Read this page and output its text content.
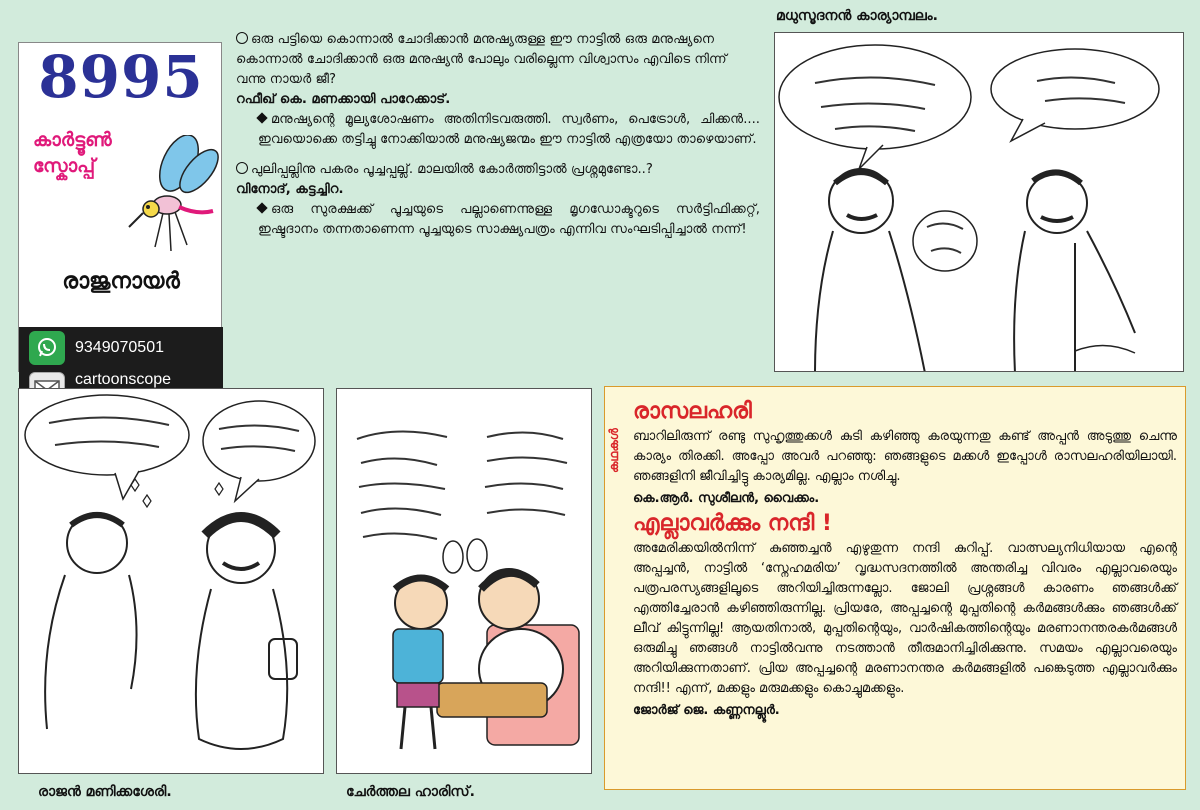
8995
കാർട്ടൂൺ
സ്കോപ്പ്
രാജുനായർ
9349070501
cartoonscope

ഒരു പട്ടിയെ കൊന്നാൽ ചോദിക്കാൻ മനുഷ്യരുള്ള ഈ നാട്ടിൽ ഒരു മനുഷ്യനെ കൊന്നാൽ ചോദിക്കാൻ ഒരു മനുഷ്യൻ പോലും വരില്ലെന്ന വിശ്വാസം എവിടെ നിന്ന് വന്നു നായർ ജീ?

റഫീഖ് കെ. മണക്കായി പാറേക്കാട്.

മനുഷ്യന്റെ മൂല്യശോഷണം അതിനിടവരുത്തി. സ്വർണം, പെട്രോൾ, ചിക്കൻ.... ഇവയൊക്കെ തട്ടിച്ചു നോക്കിയാൽ മനുഷ്യജന്മം ഈ നാട്ടിൽ എത്രയോ താഴെയാണ്.

പുലിപ്പല്ലിനു പകരം പൂച്ചപ്പല്ല്. മാലയിൽ കോർത്തിട്ടാൽ പ്രശ്നമുണ്ടോ..?

വിനോദ്, കട്ടച്ചിറ.

ഒരു സുരക്ഷക്ക് പൂച്ചയുടെ പല്ലാണെന്നുള്ള മൃഗഡോക്ടറുടെ സർട്ടിഫിക്കറ്റ്, ഇഷ്ടദാനം തന്നതാണെന്ന പൂച്ചയുടെ സാക്ഷ്യപത്രം എന്നിവ സംഘടിപ്പിച്ചാൽ നന്ന്!

മധുസൂദനൻ കാര്യാമ്പലം.
രാജൻ മണിക്കശേരി.	ചേർത്തല ഹാരിസ്.
കഥകൾ
രാസലഹരി
ബാറിലിരുന്ന് രണ്ടു സുഹൃത്തുക്കൾ കുടി കഴിഞ്ഞു കരയുന്നതു കണ്ട് അപ്പൻ അടുത്തു ചെന്നു കാര്യം തിരക്കി. അപ്പോ അവർ പറഞ്ഞു: ഞങ്ങളുടെ മക്കൾ ഇപ്പോൾ രാസലഹരിയിലായി. ഞങ്ങളിനി ജീവിച്ചിട്ടു കാര്യമില്ല. എല്ലാം നശിച്ചു.
കെ.ആർ. സുശീലൻ, വൈക്കം.
എല്ലാവർക്കും നന്ദി !
അമേരിക്കയിൽനിന്ന് കുഞ്ഞച്ചൻ എഴുതുന്ന നന്ദി കുറിപ്പ്. വാത്സല്യനിധിയായ എന്റെ അപ്പച്ചൻ, നാട്ടിൽ ‘സ്നേഹമരിയ’ വൃദ്ധസദനത്തിൽ അന്തരിച്ച വിവരം എല്ലാവരെയും പത്രപരസ്യങ്ങളിലൂടെ അറിയിച്ചിരുന്നല്ലോ. ജോലി പ്രശ്നങ്ങൾ കാരണം ഞങ്ങൾക്ക് എത്തിച്ചേരാൻ കഴിഞ്ഞിരുന്നില്ല. പ്രിയരേ, അപ്പച്ചന്റെ മുപ്പതിന്റെ കർമങ്ങൾക്കും ഞങ്ങൾക്ക് ലീവ് കിട്ടുന്നില്ല! ആയതിനാൽ, മുപ്പതിന്റെയും, വാർഷികത്തിന്റെയും മരണാനന്തരകർമങ്ങൾ ഒരുമിച്ചു ഞങ്ങൾ നാട്ടിൽവന്നു നടത്താൻ തീരുമാനിച്ചിരിക്കുന്നു. സമയം എല്ലാവരെയും അറിയിക്കുന്നതാണ്. പ്രിയ അപ്പച്ചന്റെ മരണാനന്തര കർമങ്ങളിൽ പങ്കെടുത്ത എല്ലാവർക്കും നന്ദി!! എന്ന്, മക്കളും മരുമക്കളും കൊച്ചുമക്കളും.
ജോർജ് ജെ. കണ്ണനല്ലൂർ.
